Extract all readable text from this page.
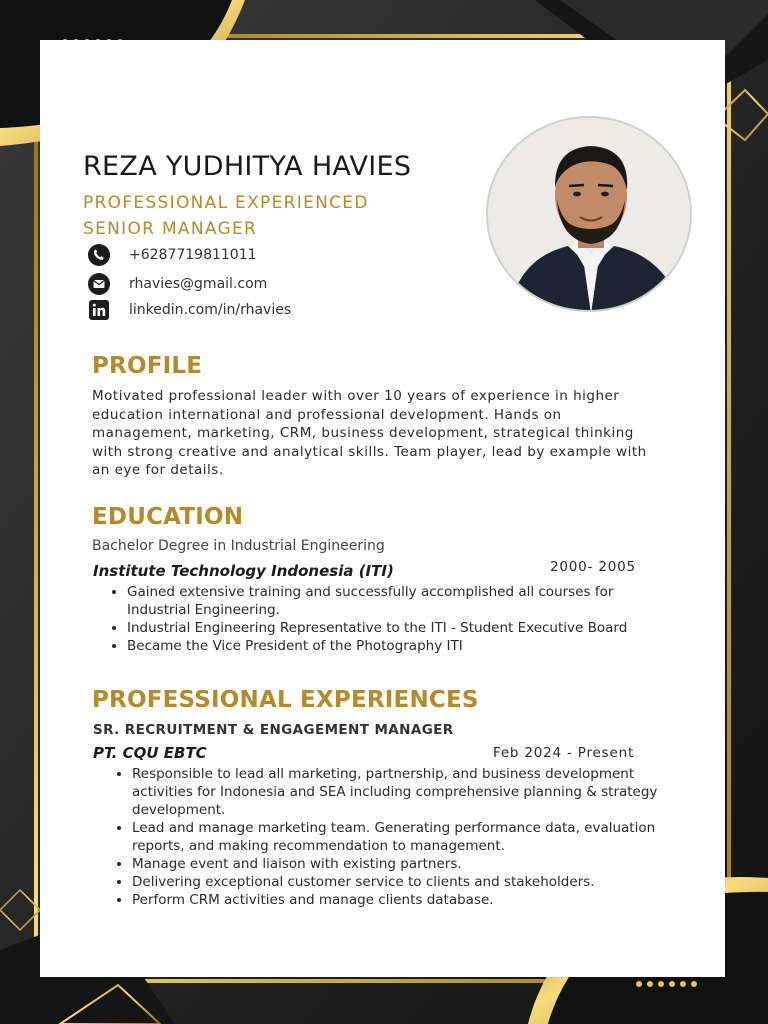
REZA YUDHITYA HAVIES
PROFESSIONAL EXPERIENCED
SENIOR MANAGER
+6287719811011
rhavies@gmail.com
linkedin.com/in/rhavies
PROFILE
Motivated professional leader with over 10 years of experience in higher education international and professional development. Hands on management, marketing, CRM, business development, strategical thinking with strong creative and analytical skills. Team player, lead by example with an eye for details.
EDUCATION
Bachelor Degree in Industrial Engineering
Institute Technology Indonesia (ITI)	2000- 2005
• Gained extensive training and successfully accomplished all courses for Industrial Engineering.
• Industrial Engineering Representative to the ITI - Student Executive Board
• Became the Vice President of the Photography ITI
PROFESSIONAL EXPERIENCES
SR. RECRUITMENT & ENGAGEMENT MANAGER
PT. CQU EBTC	Feb 2024 - Present
• Responsible to lead all marketing, partnership, and business development activities for Indonesia and SEA including comprehensive planning & strategy development.
• Lead and manage marketing team. Generating performance data, evaluation reports, and making recommendation to management.
• Manage event and liaison with existing partners.
• Delivering exceptional customer service to clients and stakeholders.
• Perform CRM activities and manage clients database.
